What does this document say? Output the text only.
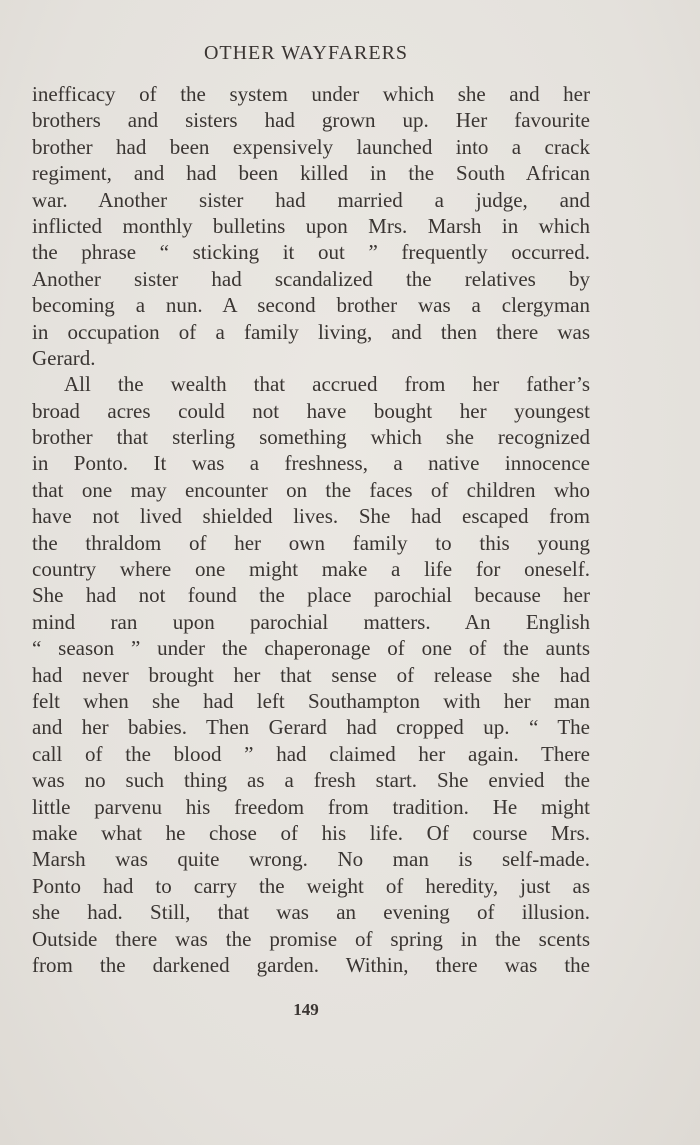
OTHER WAYFARERS
inefficacy of the system under which she and her
brothers and sisters had grown up. Her favourite
brother had been expensively launched into a crack
regiment, and had been killed in the South African
war. Another sister had married a judge, and
inflicted monthly bulletins upon Mrs. Marsh in which
the phrase “ sticking it out ” frequently occurred.
Another sister had scandalized the relatives by
becoming a nun. A second brother was a clergyman
in occupation of a family living, and then there was
Gerard.
All the wealth that accrued from her father’s
broad acres could not have bought her youngest
brother that sterling something which she recognized
in Ponto. It was a freshness, a native innocence
that one may encounter on the faces of children who
have not lived shielded lives. She had escaped from
the thraldom of her own family to this young
country where one might make a life for oneself.
She had not found the place parochial because her
mind ran upon parochial matters. An English
“ season ” under the chaperonage of one of the aunts
had never brought her that sense of release she had
felt when she had left Southampton with her man
and her babies. Then Gerard had cropped up. “ The
call of the blood ” had claimed her again. There
was no such thing as a fresh start. She envied the
little parvenu his freedom from tradition. He might
make what he chose of his life. Of course Mrs.
Marsh was quite wrong. No man is self-made.
Ponto had to carry the weight of heredity, just as
she had. Still, that was an evening of illusion.
Outside there was the promise of spring in the scents
from the darkened garden. Within, there was the
149
